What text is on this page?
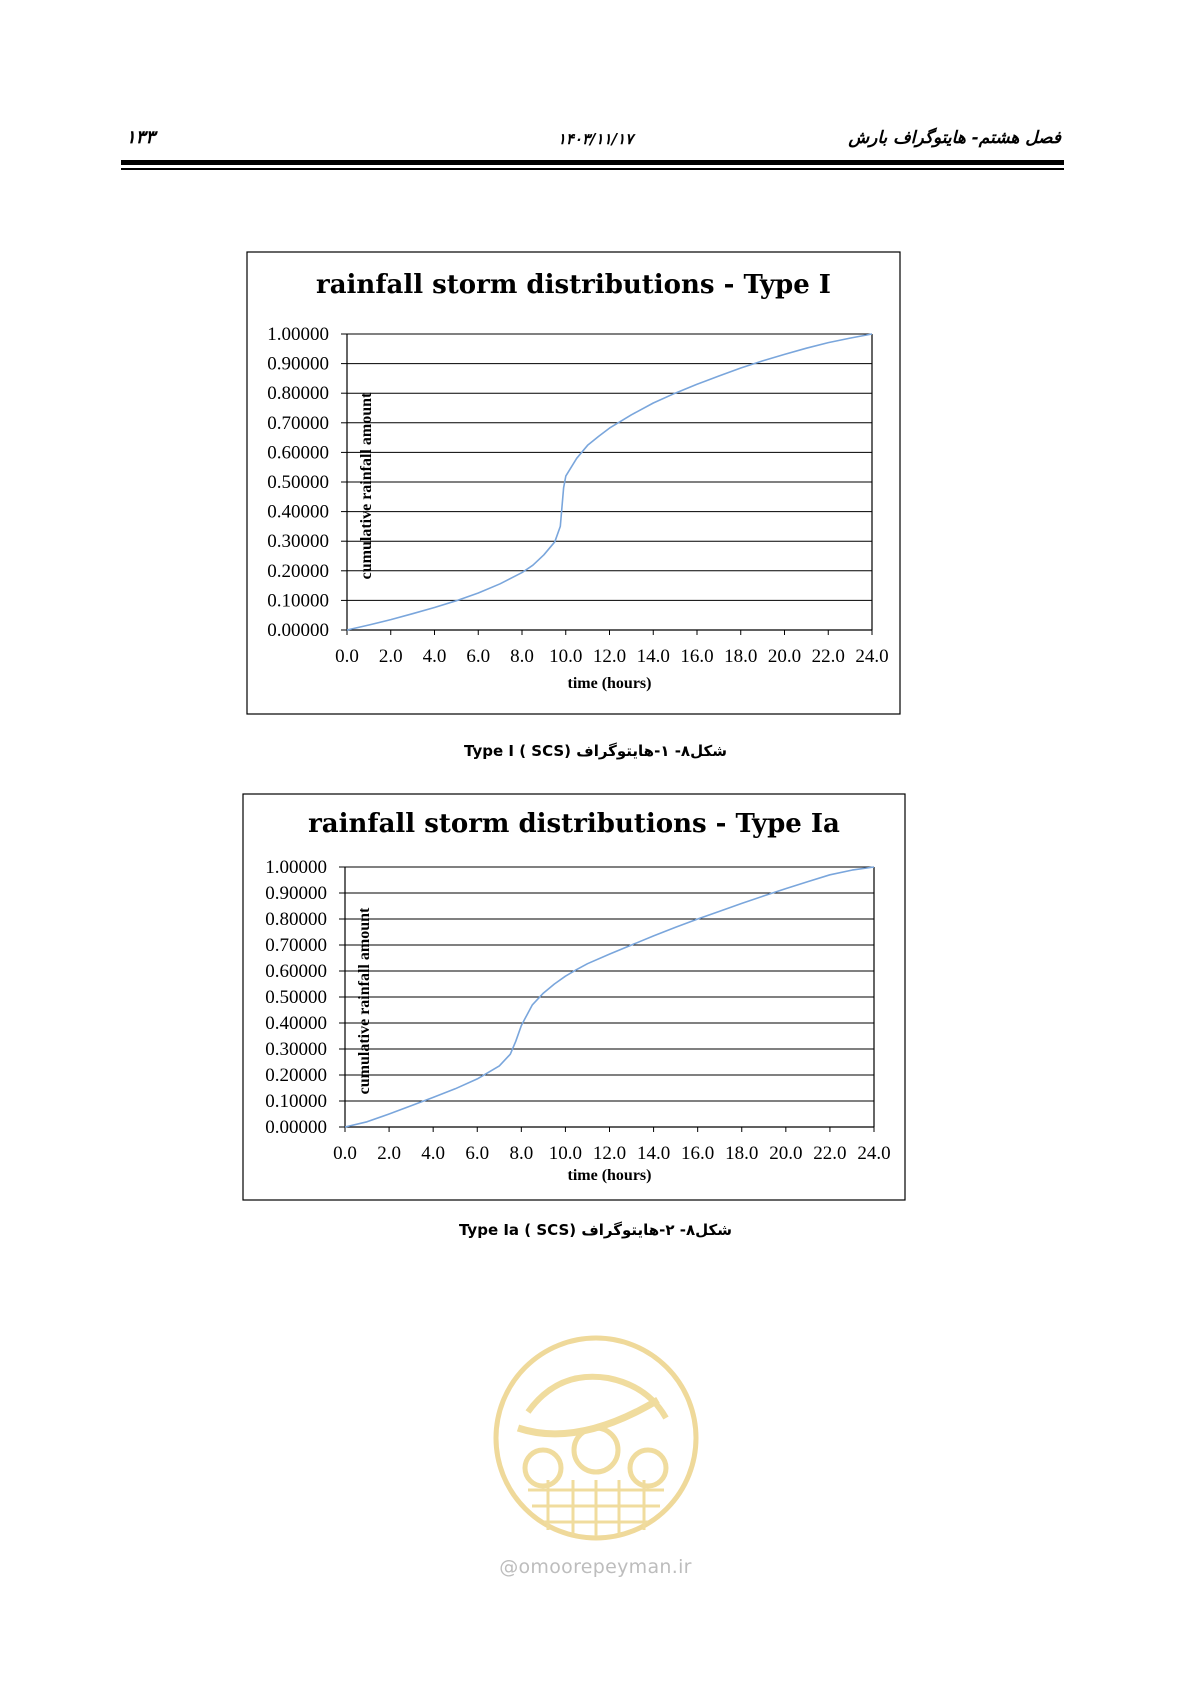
فصل هشتم- هایتوگراف بارش
۱۴۰۳/۱۱/۱۷
۱۳۳
rainfall storm distributions - Type I
0.00000
0.10000
0.20000
0.30000
0.40000
0.50000
0.60000
0.70000
0.80000
0.90000
1.00000
0.0 2.0 4.0 6.0 8.0 10.0 12.0 14.0 16.0 18.0 20.0 22.0 24.0
time (hours)
cumulative rainfall amount
شکل۸- ۱-هایتوگراف Type I ( SCS)
rainfall storm distributions - Type Ia
0.00000
0.10000
0.20000
0.30000
0.40000
0.50000
0.60000
0.70000
0.80000
0.90000
1.00000
0.0 2.0 4.0 6.0 8.0 10.0 12.0 14.0 16.0 18.0 20.0 22.0 24.0
time (hours)
cumulative rainfall amount
شکل۸- ۲-هایتوگراف Type Ia ( SCS)
@omoorepeyman.ir
